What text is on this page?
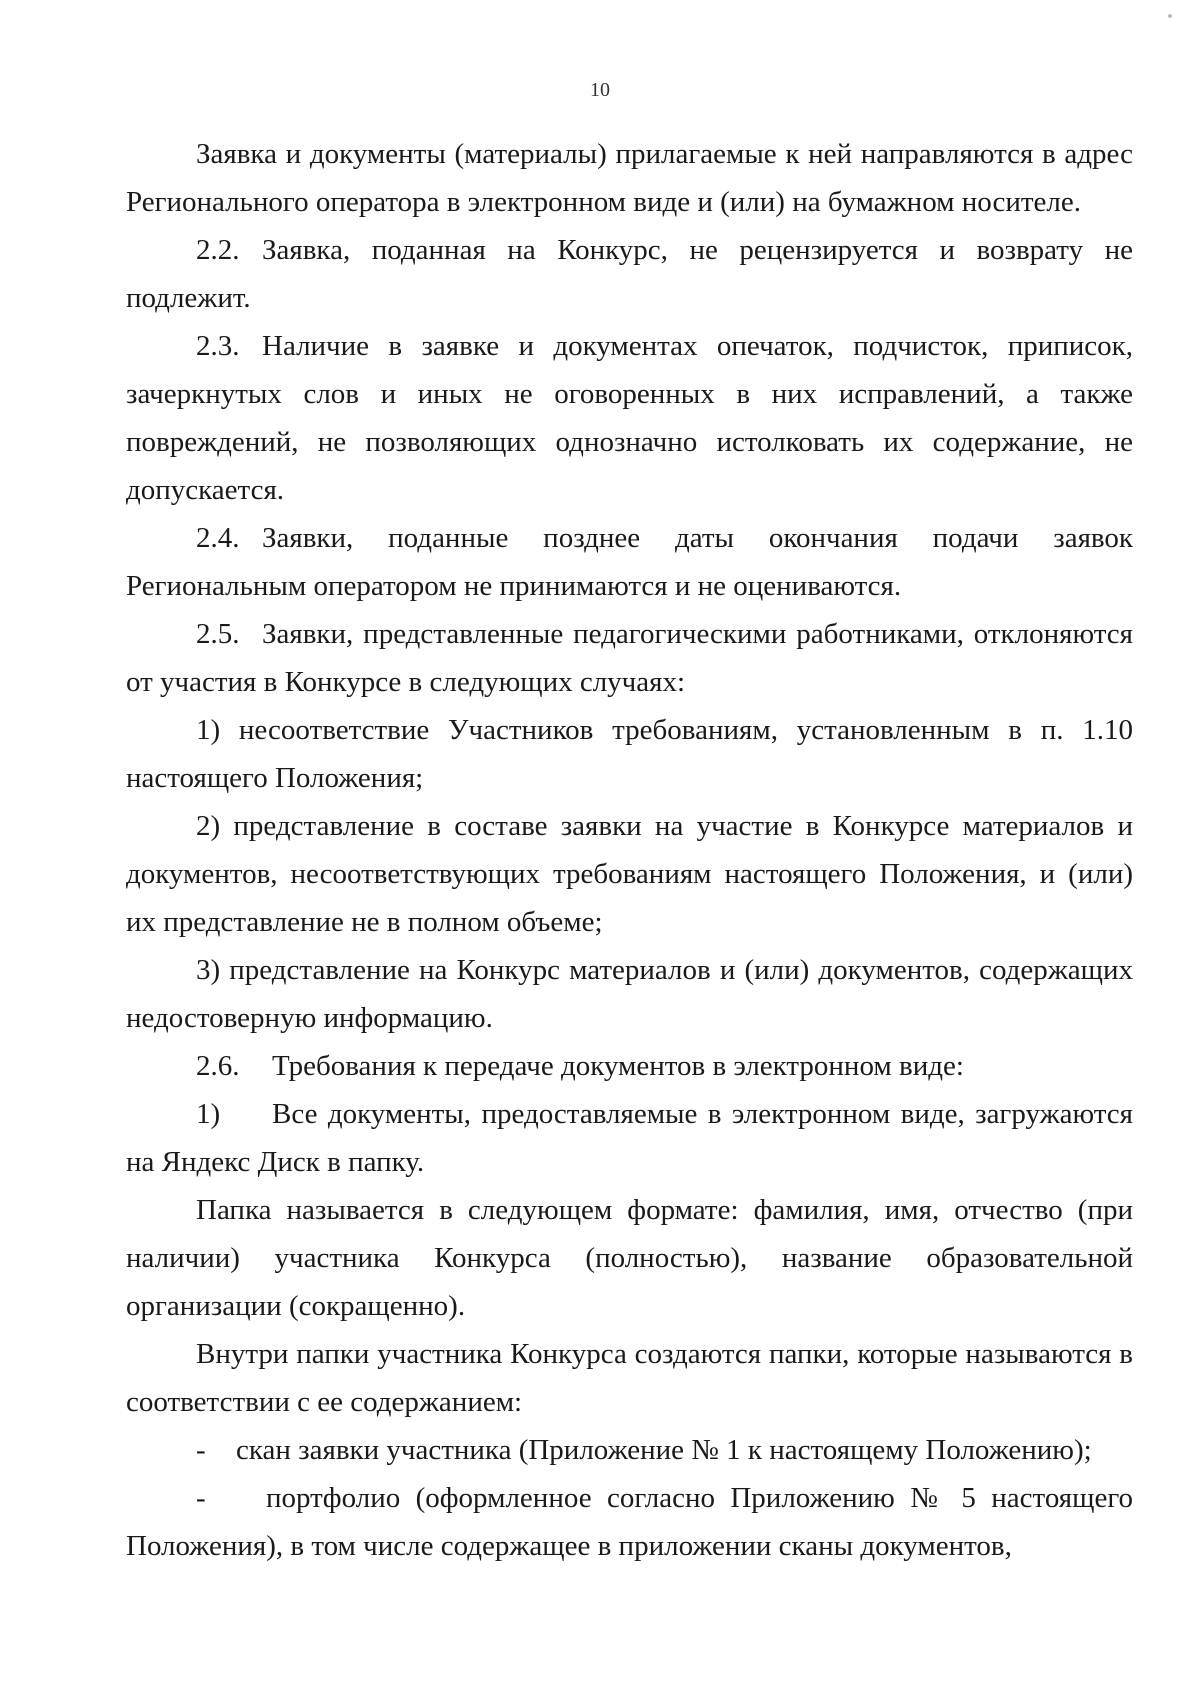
10

Заявка и документы (материалы) прилагаемые к ней направляются в адрес Регионального оператора в электронном виде и (или) на бумажном носителе.

2.2. Заявка, поданная на Конкурс, не рецензируется и возврату не подлежит.

2.3. Наличие в заявке и документах опечаток, подчисток, приписок, зачеркнутых слов и иных не оговоренных в них исправлений, а также повреждений, не позволяющих однозначно истолковать их содержание, не допускается.

2.4. Заявки, поданные позднее даты окончания подачи заявок Региональным оператором не принимаются и не оцениваются.

2.5. Заявки, представленные педагогическими работниками, отклоняются от участия в Конкурсе в следующих случаях:

1) несоответствие Участников требованиям, установленным в п. 1.10 настоящего Положения;

2) представление в составе заявки на участие в Конкурсе материалов и документов, несоответствующих требованиям настоящего Положения, и (или) их представление не в полном объеме;

3) представление на Конкурс материалов и (или) документов, содержащих недостоверную информацию.

2.6. Требования к передаче документов в электронном виде:

1) Все документы, предоставляемые в электронном виде, загружаются на Яндекс Диск в папку.

Папка называется в следующем формате: фамилия, имя, отчество (при наличии) участника Конкурса (полностью), название образовательной организации (сокращенно).

Внутри папки участника Конкурса создаются папки, которые называются в соответствии с ее содержанием:

- скан заявки участника (Приложение № 1 к настоящему Положению);

- портфолио (оформленное согласно Приложению № 5 настоящего Положения), в том числе содержащее в приложении сканы документов,
